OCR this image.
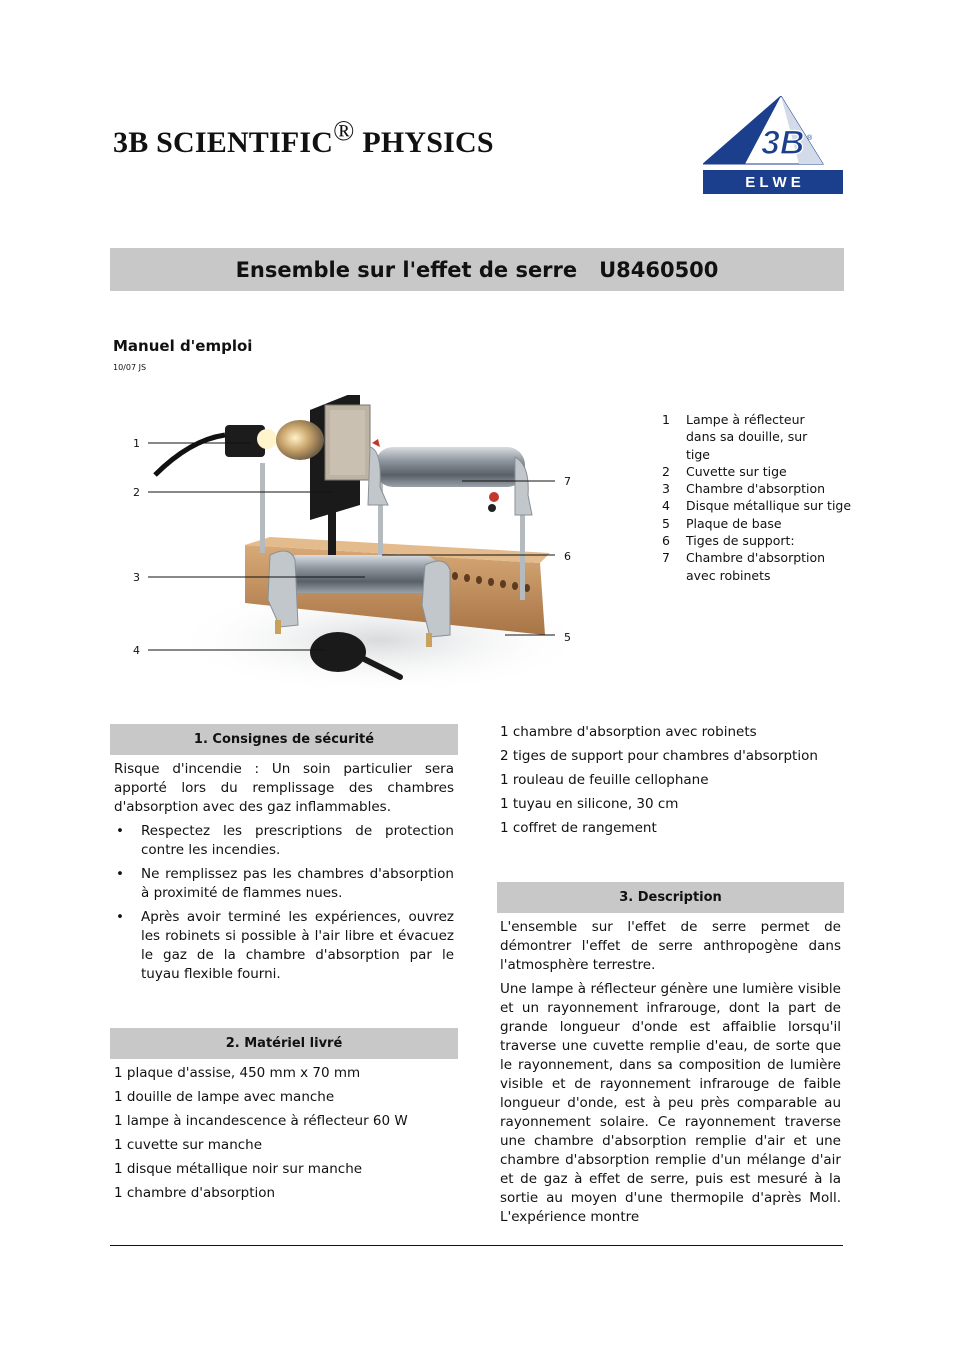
3B SCIENTIFIC® PHYSICS	3B ®
E L W E
Ensemble sur l'effet de serre   U8460500
Manuel d'emploi
10/07 JS
1
2
3
4
7
6
5
1	Lampe à réflecteur dans sa douille, sur tige
2	Cuvette sur tige
3	Chambre d'absorption
4	Disque métallique sur tige
5	Plaque de base
6	Tiges de support:
7	Chambre d'absorption avec robinets
1. Consignes de sécurité

Risque d'incendie : Un soin particulier sera apporté lors du remplissage des chambres d'absorption avec des gaz inflammables.

• Respectez les prescriptions de protection contre les incendies.
• Ne remplissez pas les chambres d'absorption à proximité de flammes nues.
• Après avoir terminé les expériences, ouvrez les robinets si possible à l'air libre et évacuez le gaz de la chambre d'absorption par le tuyau flexible fourni.
2. Matériel livré
1 plaque d'assise, 450 mm x 70 mm
1 douille de lampe avec manche
1 lampe à incandescence à réflecteur 60 W
1 cuvette sur manche
1 disque métallique noir sur manche
1 chambre d'absorption
1 chambre d'absorption avec robinets
2 tiges de support pour chambres d'absorption
1 rouleau de feuille cellophane
1 tuyau en silicone, 30 cm
1 coffret de rangement
3. Description

L'ensemble sur l'effet de serre permet de démontrer l'effet de serre anthropogène dans l'atmosphère terrestre.

Une lampe à réflecteur génère une lumière visible et un rayonnement infrarouge, dont la part de grande longueur d'onde est affaiblie lorsqu'il traverse une cuvette remplie d'eau, de sorte que le rayonnement, dans sa composition de lumière visible et de rayonnement infrarouge de faible longueur d'onde, est à peu près comparable au rayonnement solaire. Ce rayonnement traverse une chambre d'absorption remplie d'air et une chambre d'absorption remplie d'un mélange d'air et de gaz à effet de serre, puis est mesuré à la sortie au moyen d'une thermopile d'après Moll. L'expérience montre
